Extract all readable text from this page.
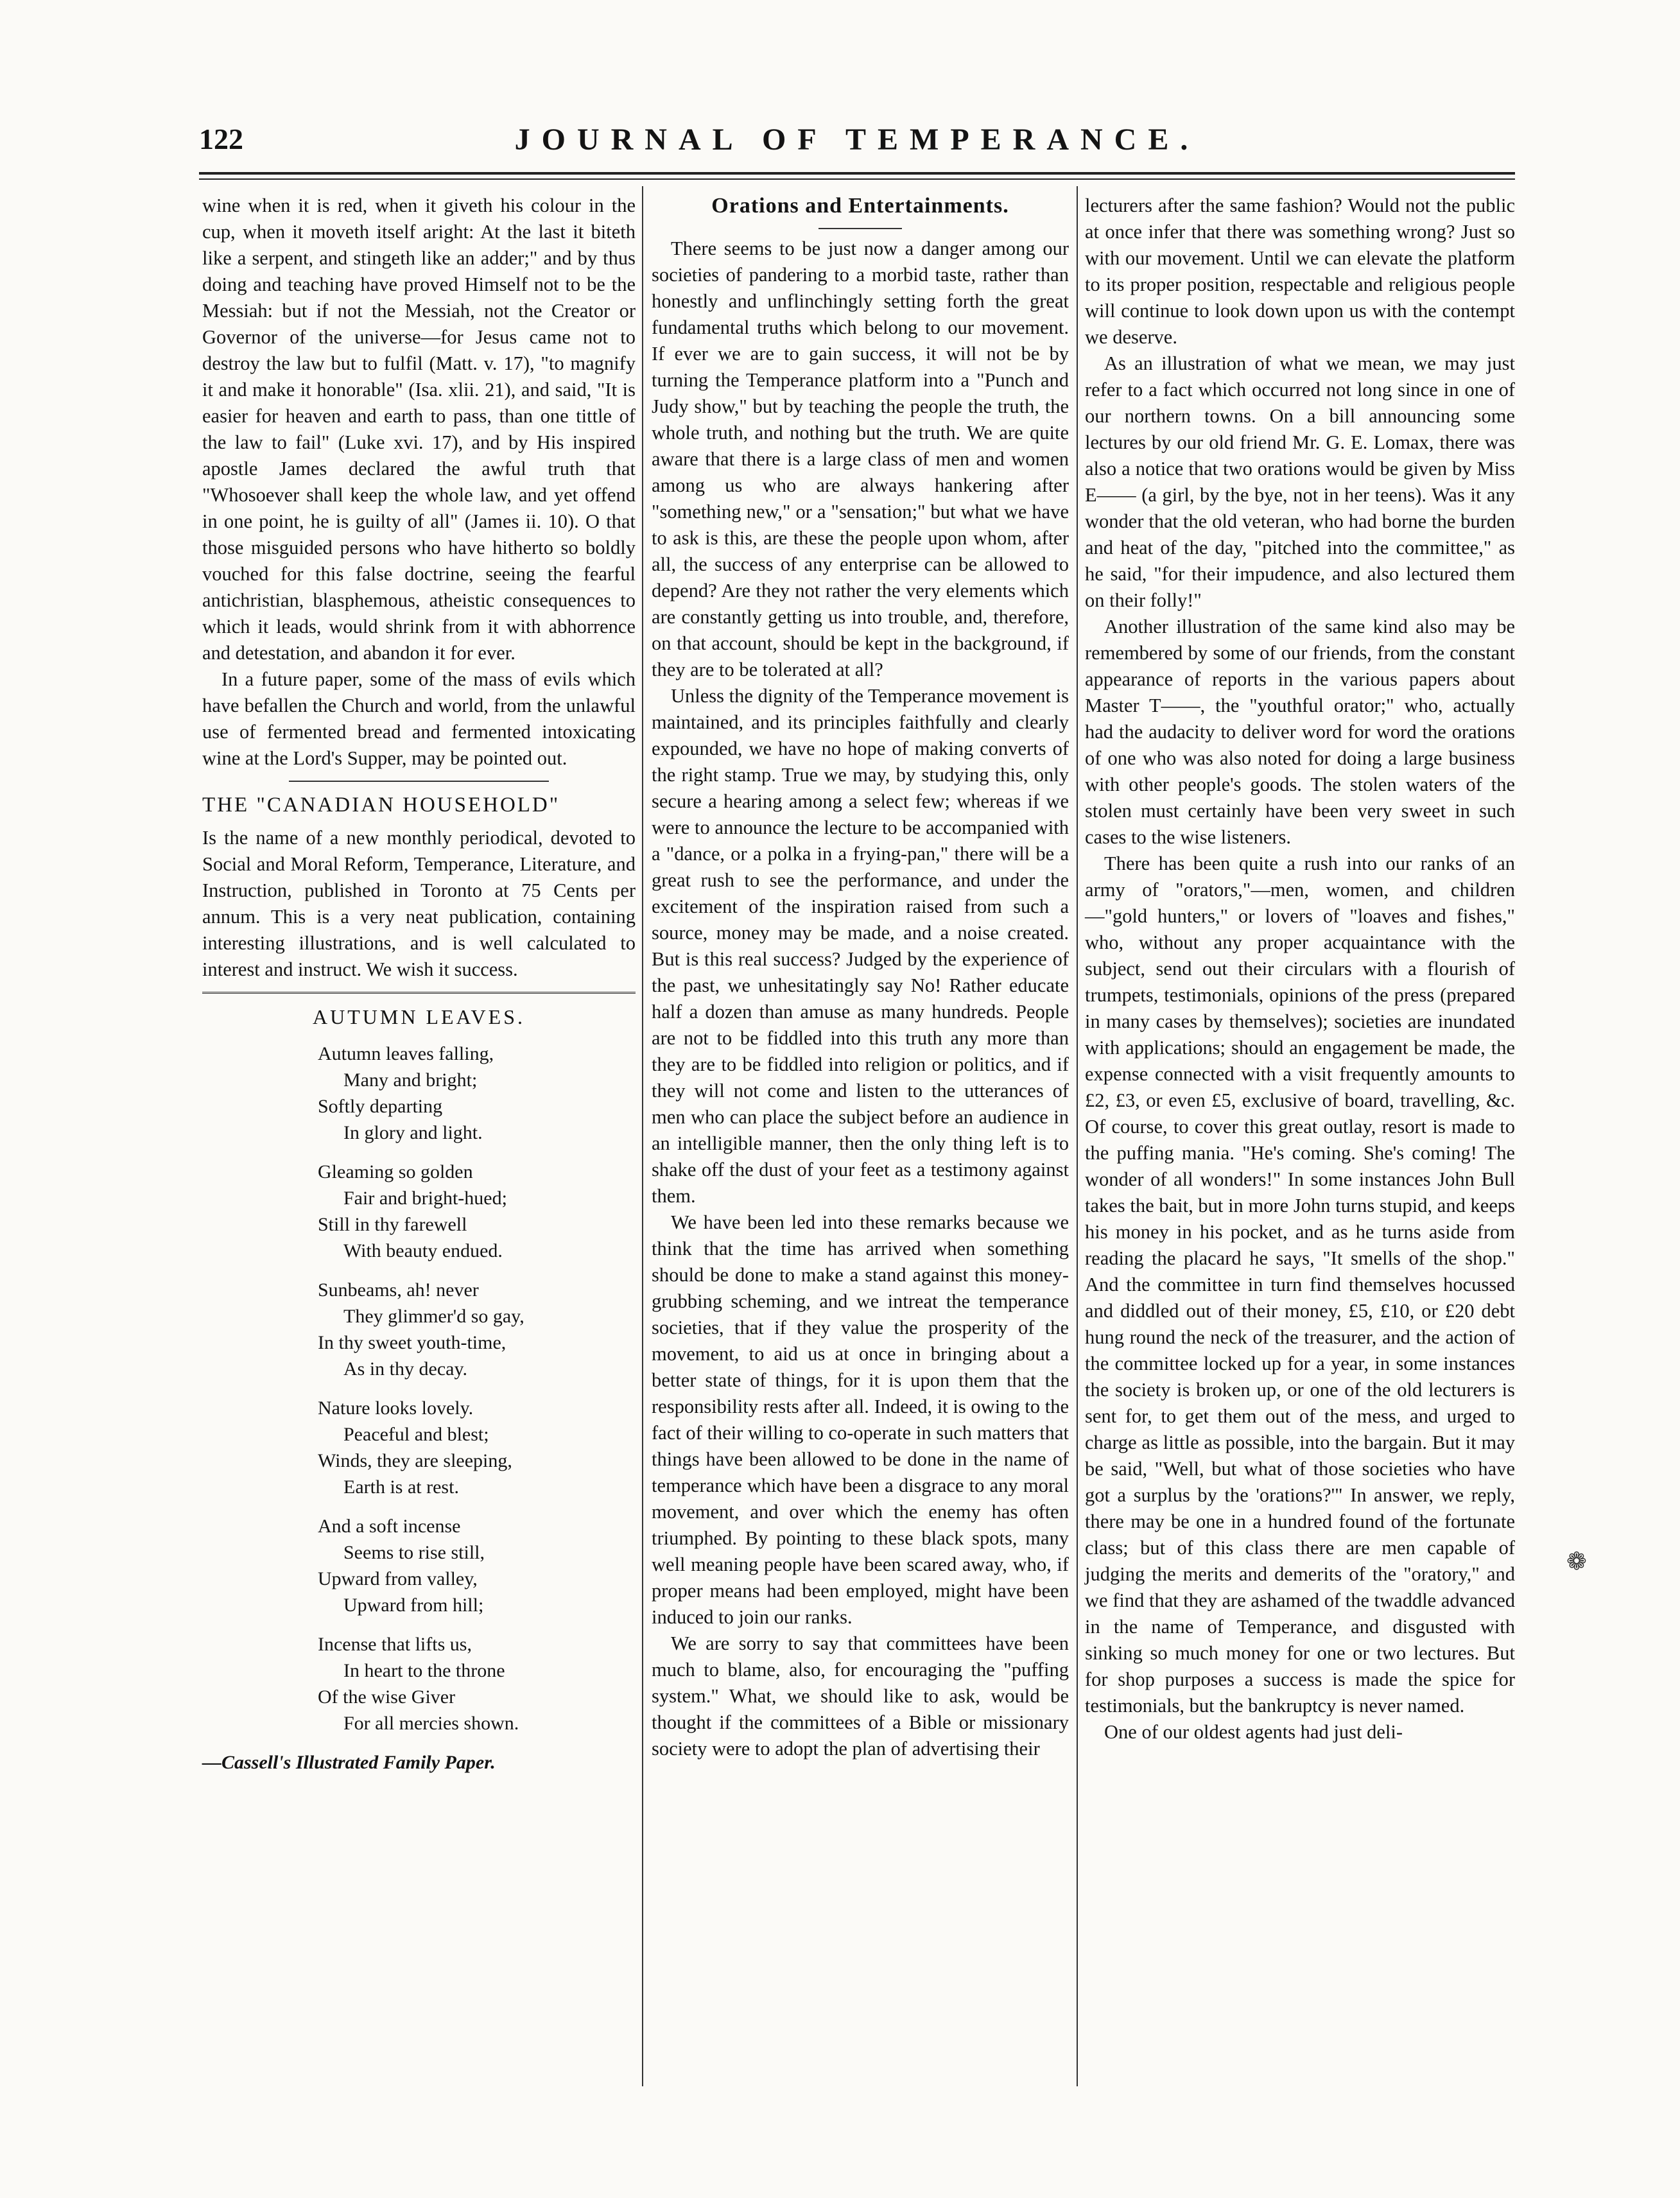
122	JOURNAL OF TEMPERANCE.

wine when it is red, when it giveth his colour in the cup, when it moveth itself aright: At the last it biteth like a serpent, and stingeth like an adder;" and by thus doing and teaching have proved Himself not to be the Messiah: but if not the Messiah, not the Creator or Governor of the universe—for Jesus came not to destroy the law but to fulfil (Matt. v. 17), "to magnify it and make it honorable" (Isa. xlii. 21), and said, "It is easier for heaven and earth to pass, than one tittle of the law to fail" (Luke xvi. 17), and by His inspired apostle James declared the awful truth that "Whosoever shall keep the whole law, and yet offend in one point, he is guilty of all" (James ii. 10). O that those misguided persons who have hitherto so boldly vouched for this false doctrine, seeing the fearful antichristian, blasphemous, atheistic consequences to which it leads, would shrink from it with abhorrence and detestation, and abandon it for ever.

In a future paper, some of the mass of evils which have befallen the Church and world, from the unlawful use of fermented bread and fermented intoxicating wine at the Lord's Supper, may be pointed out.

THE "CANADIAN HOUSEHOLD"

Is the name of a new monthly periodical, devoted to Social and Moral Reform, Temperance, Literature, and Instruction, published in Toronto at 75 Cents per annum. This is a very neat publication, containing interesting illustrations, and is well calculated to interest and instruct. We wish it success.

AUTUMN LEAVES.
Autumn leaves falling,
Many and bright;
Softly departing
In glory and light.
Gleaming so golden
Fair and bright-hued;
Still in thy farewell
With beauty endued.
Sunbeams, ah! never
They glimmer'd so gay,
In thy sweet youth-time,
As in thy decay.
Nature looks lovely.
Peaceful and blest;
Winds, they are sleeping,
Earth is at rest.
And a soft incense
Seems to rise still,
Upward from valley,
Upward from hill;
Incense that lifts us,
In heart to the throne
Of the wise Giver
For all mercies shown.
—Cassell's Illustrated Family Paper.
Orations and Entertainments.

There seems to be just now a danger among our societies of pandering to a morbid taste, rather than honestly and unflinchingly setting forth the great fundamental truths which belong to our movement. If ever we are to gain success, it will not be by turning the Temperance platform into a "Punch and Judy show," but by teaching the people the truth, the whole truth, and nothing but the truth. We are quite aware that there is a large class of men and women among us who are always hankering after "something new," or a "sensation;" but what we have to ask is this, are these the people upon whom, after all, the success of any enterprise can be allowed to depend? Are they not rather the very elements which are constantly getting us into trouble, and, therefore, on that account, should be kept in the background, if they are to be tolerated at all?

Unless the dignity of the Temperance movement is maintained, and its principles faithfully and clearly expounded, we have no hope of making converts of the right stamp. True we may, by studying this, only secure a hearing among a select few; whereas if we were to announce the lecture to be accompanied with a "dance, or a polka in a frying-pan," there will be a great rush to see the performance, and under the excitement of the inspiration raised from such a source, money may be made, and a noise created. But is this real success? Judged by the experience of the past, we unhesitatingly say No! Rather educate half a dozen than amuse as many hundreds. People are not to be fiddled into this truth any more than they are to be fiddled into religion or politics, and if they will not come and listen to the utterances of men who can place the subject before an audience in an intelligible manner, then the only thing left is to shake off the dust of your feet as a testimony against them.

We have been led into these remarks because we think that the time has arrived when something should be done to make a stand against this money-grubbing scheming, and we intreat the temperance societies, that if they value the prosperity of the movement, to aid us at once in bringing about a better state of things, for it is upon them that the responsibility rests after all. Indeed, it is owing to the fact of their willing to co-operate in such matters that things have been allowed to be done in the name of temperance which have been a disgrace to any moral movement, and over which the enemy has often triumphed. By pointing to these black spots, many well meaning people have been scared away, who, if proper means had been employed, might have been induced to join our ranks.

We are sorry to say that committees have been much to blame, also, for encouraging the "puffing system." What, we should like to ask, would be thought if the committees of a Bible or missionary society were to adopt the plan of advertising their

lecturers after the same fashion? Would not the public at once infer that there was something wrong? Just so with our movement. Until we can elevate the platform to its proper position, respectable and religious people will continue to look down upon us with the contempt we deserve.

As an illustration of what we mean, we may just refer to a fact which occurred not long since in one of our northern towns. On a bill announcing some lectures by our old friend Mr. G. E. Lomax, there was also a notice that two orations would be given by Miss E—— (a girl, by the bye, not in her teens). Was it any wonder that the old veteran, who had borne the burden and heat of the day, "pitched into the committee," as he said, "for their impudence, and also lectured them on their folly!"

Another illustration of the same kind also may be remembered by some of our friends, from the constant appearance of reports in the various papers about Master T——, the "youthful orator;" who, actually had the audacity to deliver word for word the orations of one who was also noted for doing a large business with other people's goods. The stolen waters of the stolen must certainly have been very sweet in such cases to the wise listeners.

There has been quite a rush into our ranks of an army of "orators,"—men, women, and children—"gold hunters," or lovers of "loaves and fishes," who, without any proper acquaintance with the subject, send out their circulars with a flourish of trumpets, testimonials, opinions of the press (prepared in many cases by themselves); societies are inundated with applications; should an engagement be made, the expense connected with a visit frequently amounts to £2, £3, or even £5, exclusive of board, travelling, &c. Of course, to cover this great outlay, resort is made to the puffing mania. "He's coming. She's coming! The wonder of all wonders!" In some instances John Bull takes the bait, but in more John turns stupid, and keeps his money in his pocket, and as he turns aside from reading the placard he says, "It smells of the shop." And the committee in turn find themselves hocussed and diddled out of their money, £5, £10, or £20 debt hung round the neck of the treasurer, and the action of the committee locked up for a year, in some instances the society is broken up, or one of the old lecturers is sent for, to get them out of the mess, and urged to charge as little as possible, into the bargain. But it may be said, "Well, but what of those societies who have got a surplus by the 'orations?'" In answer, we reply, there may be one in a hundred found of the fortunate class; but of this class there are men capable of judging the merits and demerits of the "oratory," and we find that they are ashamed of the twaddle advanced in the name of Temperance, and disgusted with sinking so much money for one or two lectures. But for shop purposes a success is made the spice for testimonials, but the bankruptcy is never named.

One of our oldest agents had just deli-

❁
